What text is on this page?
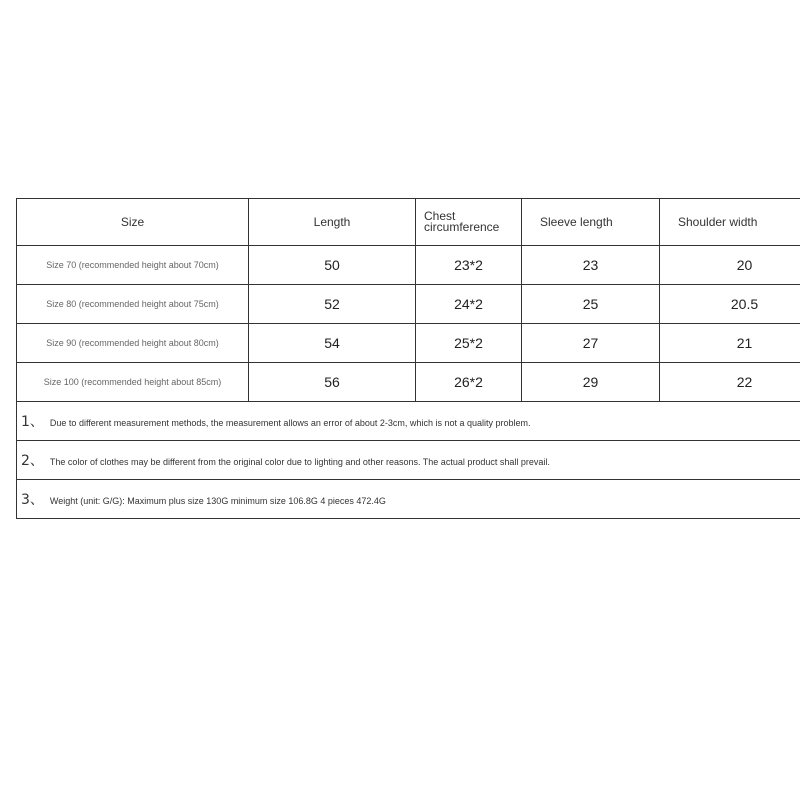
Size	Length	Chest circumference	Sleeve length	Shoulder width
Size 70 (recommended height about 70cm)	50	23*2	23	20
Size 80 (recommended height about 75cm)	52	24*2	25	20.5
Size 90 (recommended height about 80cm)	54	25*2	27	21
Size 100 (recommended height about 85cm)	56	26*2	29	22
1、 Due to different measurement methods, the measurement allows an error of about 2-3cm, which is not a quality problem.				
2、 The color of clothes may be different from the original color due to lighting and other reasons. The actual product shall prevail.				
3、 Weight (unit: G/G): Maximum plus size 130G minimum size 106.8G 4 pieces 472.4G				
